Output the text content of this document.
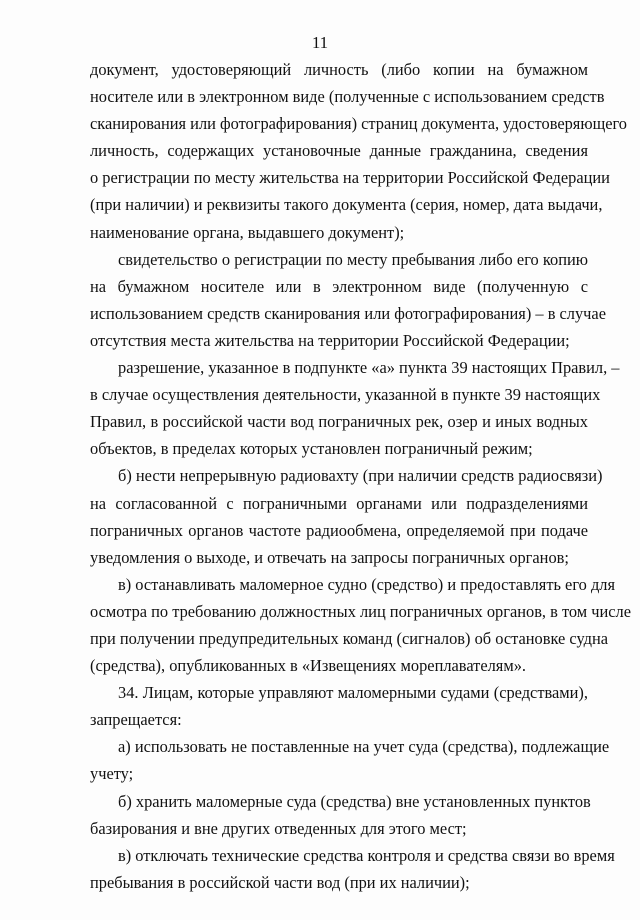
11

документ, удостоверяющий личность (либо копии на бумажном
носителе или в электронном виде (полученные с использованием средств
сканирования или фотографирования) страниц документа, удостоверяющего
личность, содержащих установочные данные гражданина, сведения
о регистрации по месту жительства на территории Российской Федерации
(при наличии) и реквизиты такого документа (серия, номер, дата выдачи,
наименование органа, выдавшего документ);

свидетельство о регистрации по месту пребывания либо его копию
на бумажном носителе или в электронном виде (полученную с
использованием средств сканирования или фотографирования) – в случае
отсутствия места жительства на территории Российской Федерации;

разрешение, указанное в подпункте «а» пункта 39 настоящих Правил, –
в случае осуществления деятельности, указанной в пункте 39 настоящих
Правил, в российской части вод пограничных рек, озер и иных водных
объектов, в пределах которых установлен пограничный режим;

б) нести непрерывную радиовахту (при наличии средств радиосвязи)
на согласованной с пограничными органами или подразделениями
пограничных органов частоте радиообмена, определяемой при подаче
уведомления о выходе, и отвечать на запросы пограничных органов;

в) останавливать маломерное судно (средство) и предоставлять его для
осмотра по требованию должностных лиц пограничных органов, в том числе
при получении предупредительных команд (сигналов) об остановке судна
(средства), опубликованных в «Извещениях мореплавателям».

34. Лицам, которые управляют маломерными судами (средствами),
запрещается:

а) использовать не поставленные на учет суда (средства), подлежащие
учету;

б) хранить маломерные суда (средства) вне установленных пунктов
базирования и вне других отведенных для этого мест;

в) отключать технические средства контроля и средства связи во время
пребывания в российской части вод (при их наличии);
